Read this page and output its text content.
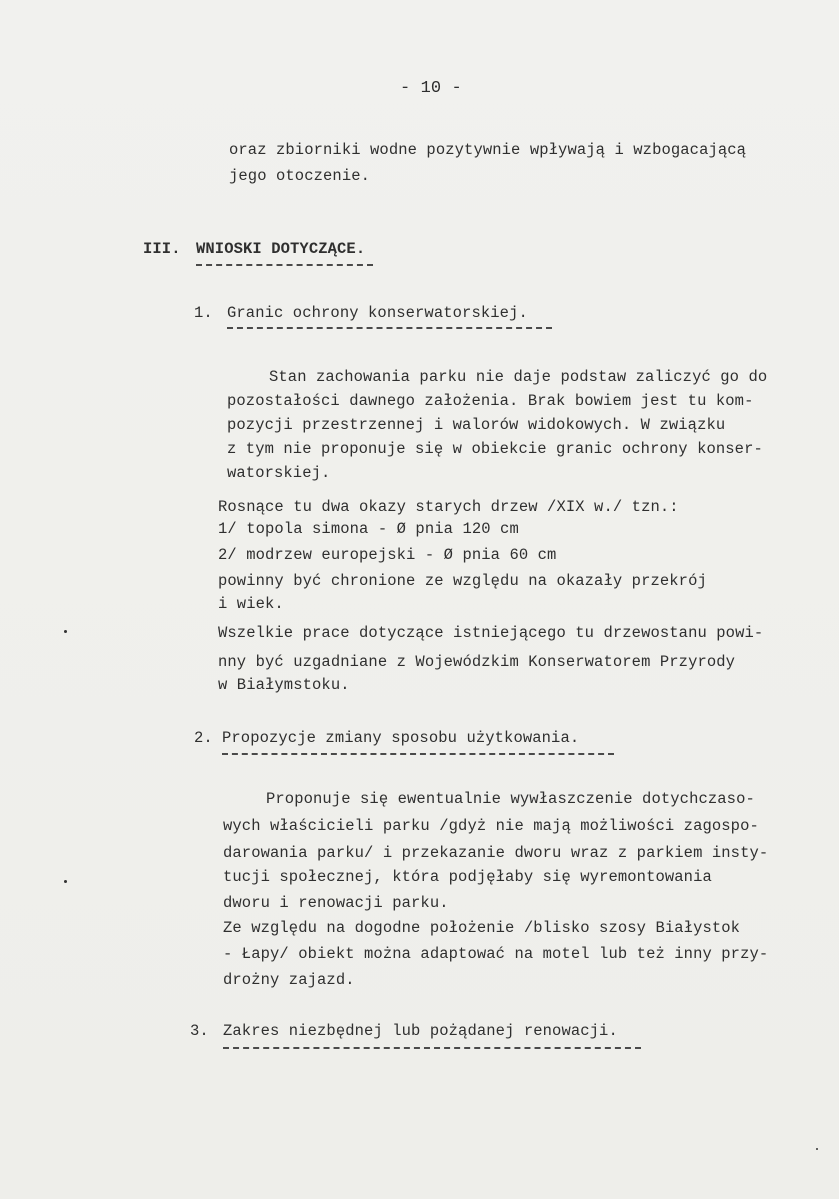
- 10 -
oraz zbiorniki wodne pozytywnie wpływają i wzbogacającą
jego otoczenie.
III. WNIOSKI DOTYCZĄCE.
1. Granic ochrony konserwatorskiej.
Stan zachowania parku nie daje podstaw zaliczyć go do
pozostałości dawnego założenia. Brak bowiem jest tu kom-
pozycji przestrzennej i walorów widokowych. W związku
z tym nie proponuje się w obiekcie granic ochrony konser-
watorskiej.
Rosnące tu dwa okazy starych drzew /XIX w./ tzn.:
1/ topola simona - Ø pnia 120 cm
2/ modrzew europejski - Ø pnia 60 cm
powinny być chronione ze względu na okazały przekrój
i wiek.
Wszelkie prace dotyczące istniejącego tu drzewostanu powi-
nny być uzgadniane z Wojewódzkim Konserwatorem Przyrody
w Białymstoku.
2. Propozycje zmiany sposobu użytkowania.
Proponuje się ewentualnie wywłaszczenie dotychczaso-
wych właścicieli parku /gdyż nie mają możliwości zagospo-
darowania parku/ i przekazanie dworu wraz z parkiem insty-
tucji społecznej, która podjęłaby się wyremontowania
dworu i renowacji parku.
Ze względu na dogodne położenie /blisko szosy Białystok
- Łapy/ obiekt można adaptować na motel lub też inny przy-
drożny zajazd.
3. Zakres niezbędnej lub pożądanej renowacji.
